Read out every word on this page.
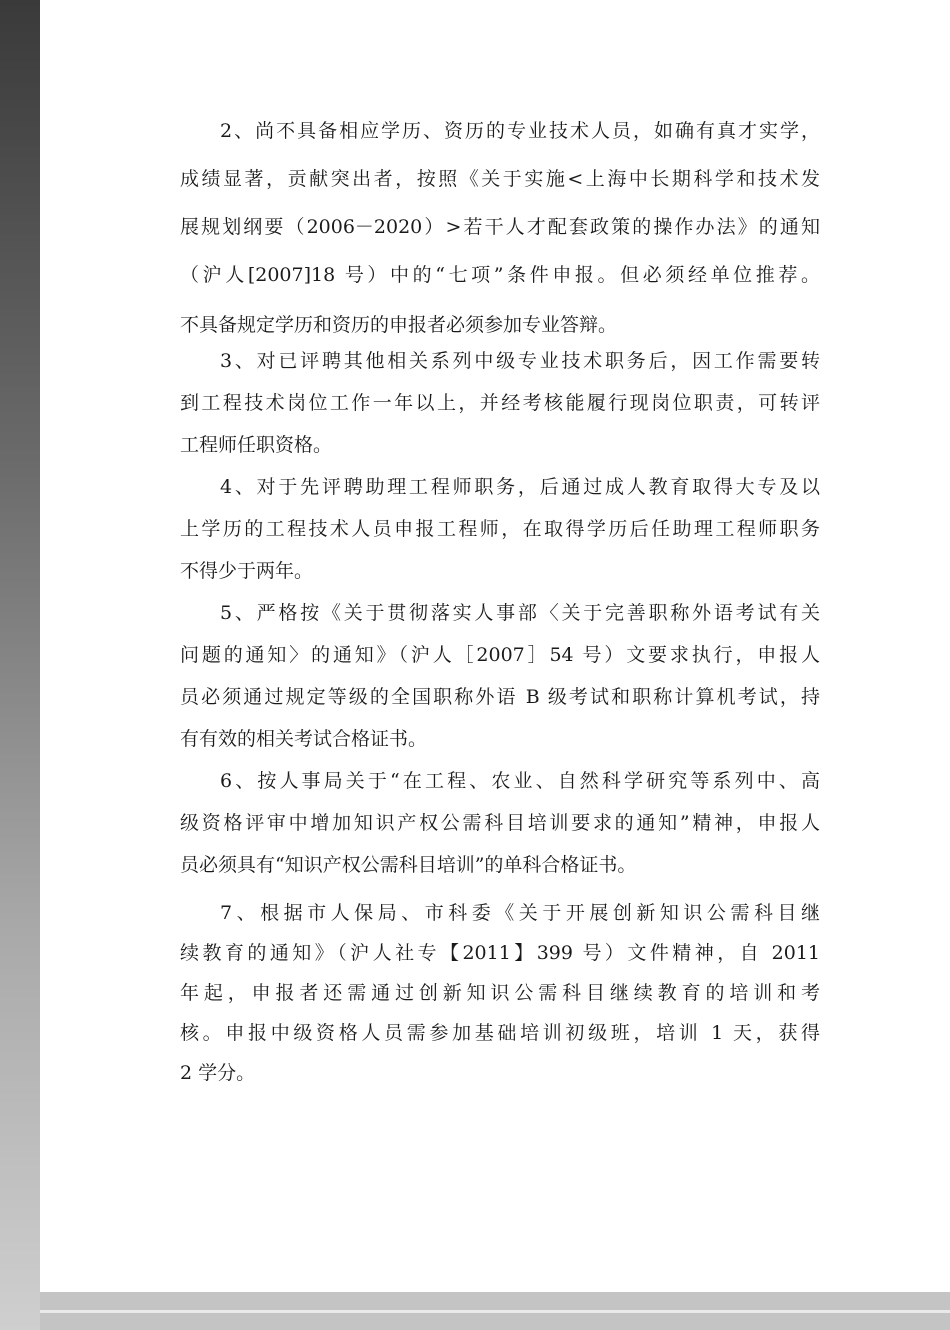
2、尚不具备相应学历、资历的专业技术人员，如确有真才实学，
成绩显著，贡献突出者，按照《关于实施<上海中长期科学和技术发
展规划纲要（2006－2020）>若干人才配套政策的操作办法》的通知
（沪人[2007]18 号）中的“七项”条件申报。但必须经单位推荐。
不具备规定学历和资历的申报者必须参加专业答辩。
3、对已评聘其他相关系列中级专业技术职务后，因工作需要转
到工程技术岗位工作一年以上，并经考核能履行现岗位职责，可转评
工程师任职资格。
4、对于先评聘助理工程师职务，后通过成人教育取得大专及以
上学历的工程技术人员申报工程师，在取得学历后任助理工程师职务
不得少于两年。
5、严格按《关于贯彻落实人事部〈关于完善职称外语考试有关
问题的通知〉的通知》（沪人［2007］54 号）文要求执行，申报人
员必须通过规定等级的全国职称外语 B 级考试和职称计算机考试，持
有有效的相关考试合格证书。
6、按人事局关于“在工程、农业、自然科学研究等系列中、高
级资格评审中增加知识产权公需科目培训要求的通知”精神，申报人
员必须具有“知识产权公需科目培训”的单科合格证书。
7、根据市人保局、市科委《关于开展创新知识公需科目继
续教育的通知》（沪人社专【2011】399 号）文件精神，自 2011
年起，申报者还需通过创新知识公需科目继续教育的培训和考
核。申报中级资格人员需参加基础培训初级班，培训 1 天，获得
2 学分。
